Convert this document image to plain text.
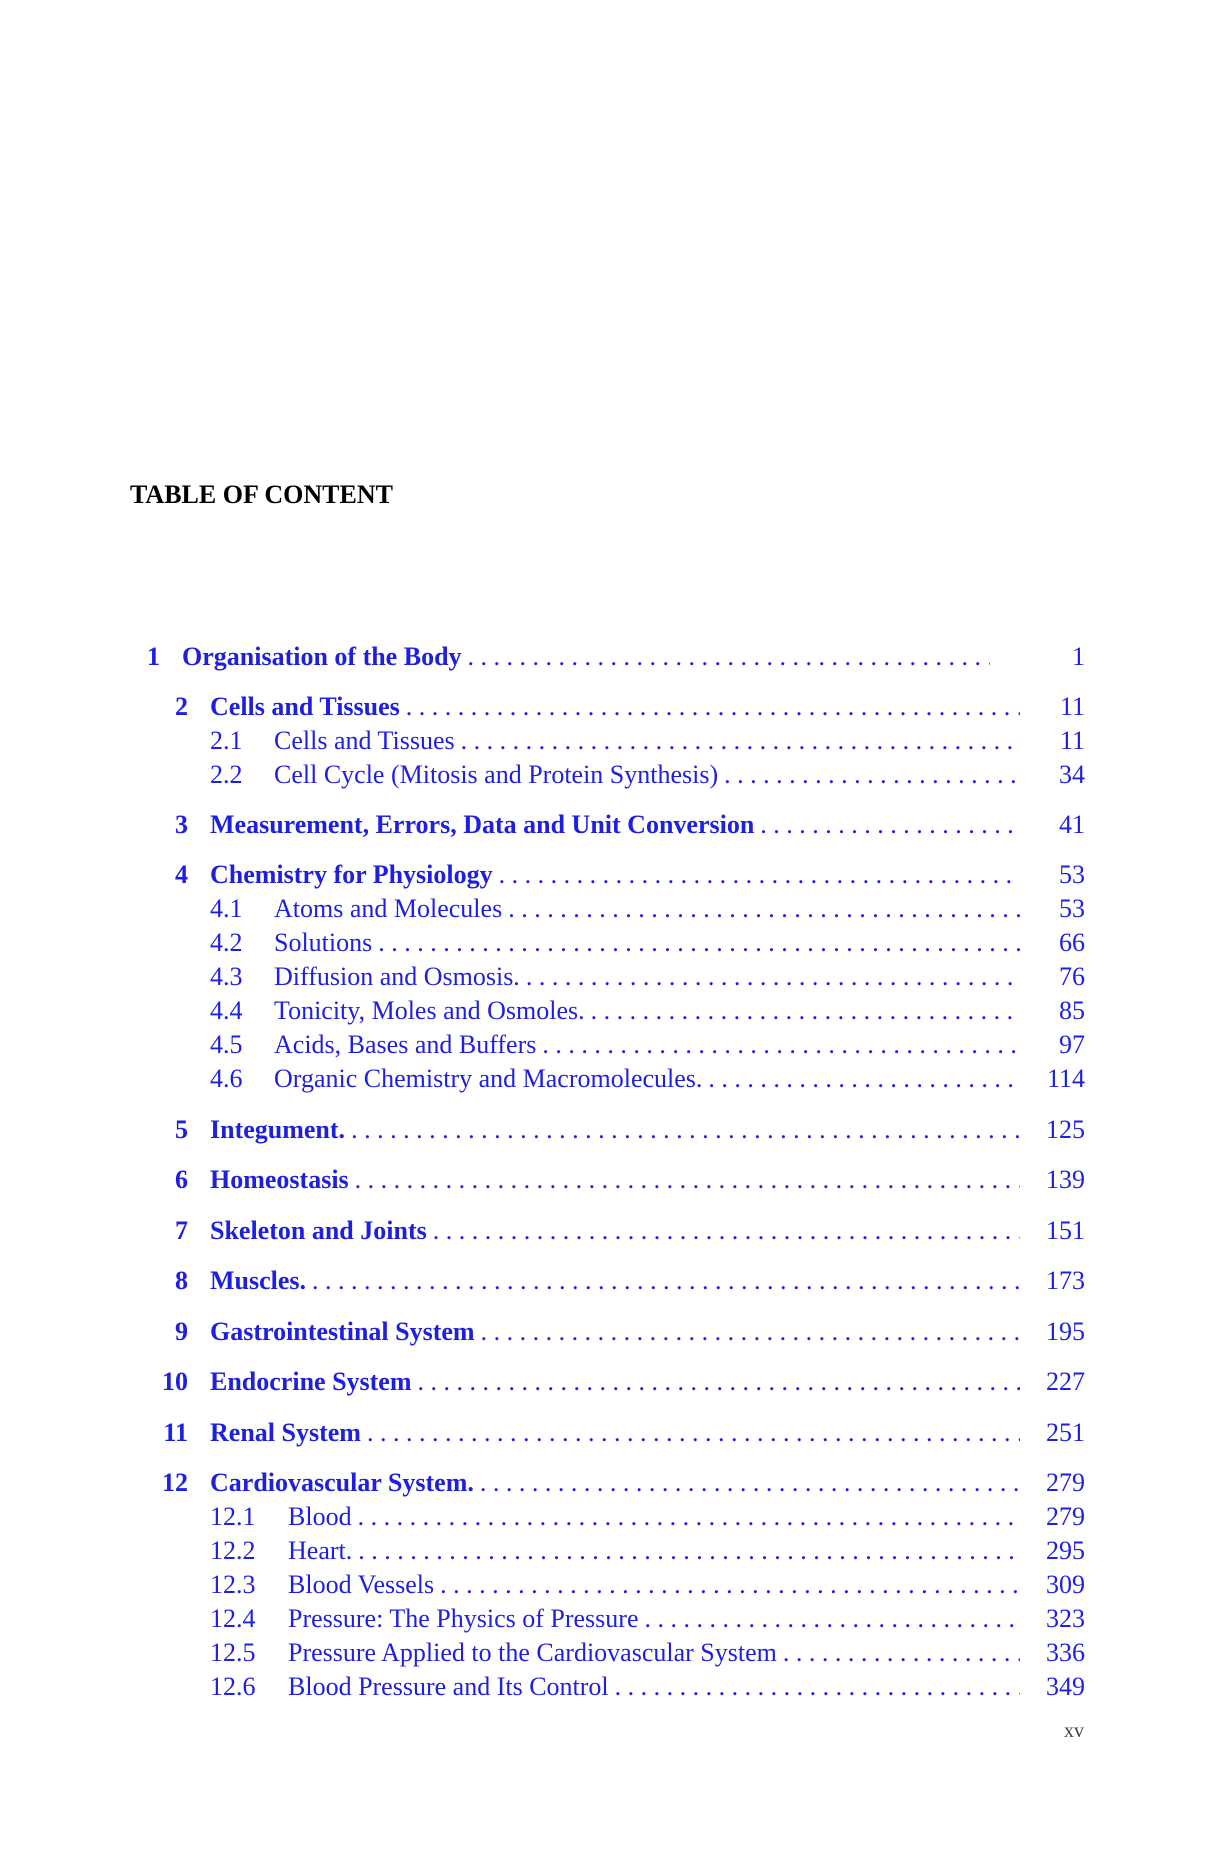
TABLE OF CONTENT
1 Organisation of the Body . . .	1
2 Cells and Tissues . . .	11
2.1	Cells and Tissues . . .	11
2.2	Cell Cycle (Mitosis and Protein Synthesis) . . .	34
3 Measurement, Errors, Data and Unit Conversion . . .	41
4 Chemistry for Physiology . . .	53
4.1	Atoms and Molecules . . .	53
4.2	Solutions . . .	66
4.3	Diffusion and Osmosis. . . .	76
4.4	Tonicity, Moles and Osmoles. . . .	85
4.5	Acids, Bases and Buffers . . .	97
4.6	Organic Chemistry and Macromolecules. . . .	114
5 Integument. . . .	125
6 Homeostasis . . .	139
7 Skeleton and Joints . . .	151
8 Muscles. . . .	173
9 Gastrointestinal System . . .	195
10 Endocrine System . . .	227
11 Renal System . . .	251
12 Cardiovascular System. . . .	279
12.1	Blood . . .	279
12.2	Heart. . . .	295
12.3	Blood Vessels . . .	309
12.4	Pressure: The Physics of Pressure . . .	323
12.5	Pressure Applied to the Cardiovascular System . . .	336
12.6	Blood Pressure and Its Control . . .	349
xv
